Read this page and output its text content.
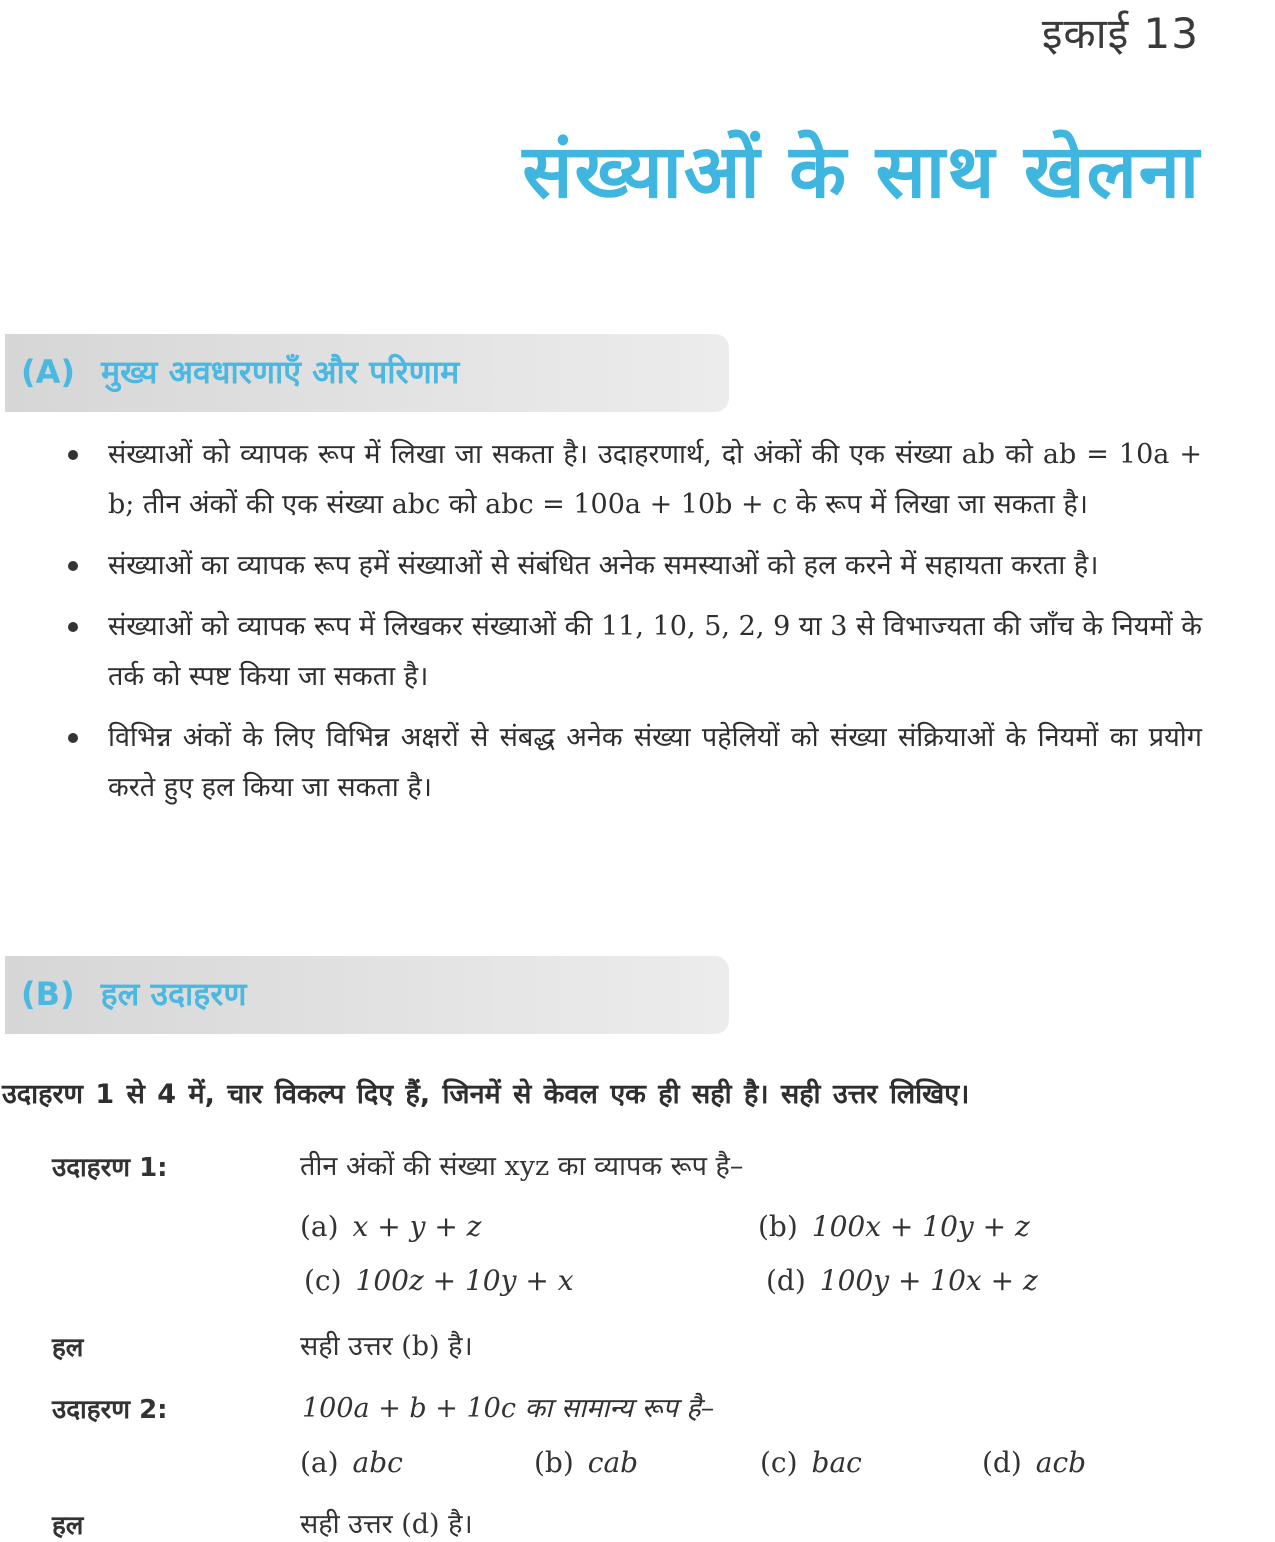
इकाई 13
संख्याओं के साथ खेलना
(A) मुख्य अवधारणाएँ और परिणाम
संख्याओं को व्यापक रूप में लिखा जा सकता है। उदाहरणार्थ, दो अंकों की एक संख्या ab को ab = 10a + b; तीन अंकों की एक संख्या abc को abc = 100a + 10b + c के रूप में लिखा जा सकता है।
संख्याओं का व्यापक रूप हमें संख्याओं से संबंधित अनेक समस्याओं को हल करने में सहायता करता है।
संख्याओं को व्यापक रूप में लिखकर संख्याओं की 11, 10, 5, 2, 9 या 3 से विभाज्यता की जाँच के नियमों के तर्क को स्पष्ट किया जा सकता है।
विभिन्न अंकों के लिए विभिन्न अक्षरों से संबद्ध अनेक संख्या पहेलियों को संख्या संक्रियाओं के नियमों का प्रयोग करते हुए हल किया जा सकता है।
(B) हल उदाहरण
उदाहरण 1 से 4 में, चार विकल्प दिए हैं, जिनमें से केवल एक ही सही है। सही उत्तर लिखिए।
उदाहरण 1:	तीन अंकों की संख्या xyz का व्यापक रूप है–
(a) x + y + z	(b) 100x + 10y + z
(c) 100z + 10y + x	(d) 100y + 10x + z
हल	सही उत्तर (b) है।
उदाहरण 2:	100a + b + 10c का सामान्य रूप है–
(a) abc	(b) cab	(c) bac	(d) acb
हल	सही उत्तर (d) है।
